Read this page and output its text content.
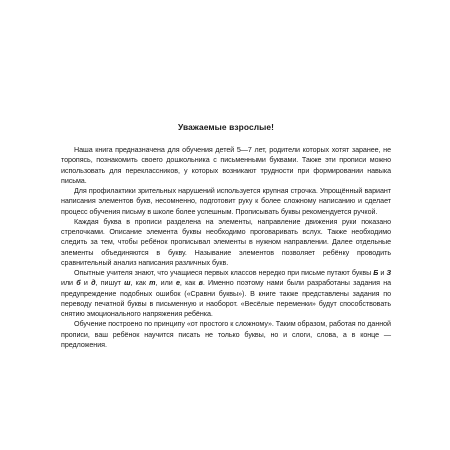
Уважаемые взрослые!

Наша книга предназначена для обучения детей 5—7 лет, родители которых хотят заранее, не торопясь, познакомить своего дошкольника с письменными буквами. Также эти прописи можно использовать для переклассников, у которых возникают трудности при формировании навыка письма.

Для профилактики зрительных нарушений используется крупная строчка. Упрощённый вариант написания элементов букв, несомненно, подготовит руку к более сложному написанию и сделает процесс обучения письму в школе более успешным. Прописывать буквы рекомендуется ручкой.

Каждая буква в прописи разделена на элементы, направление движения руки показано стрелочками. Описание элемента буквы необходимо проговаривать вслух. Также необходимо следить за тем, чтобы ребёнок прописывал элементы в нужном направлении. Далее отдельные элементы объединяются в букву. Называние элементов позволяет ребёнку проводить сравнительный анализ написания различных букв.

Опытные учителя знают, что учащиеся первых классов нередко при письме путают буквы Б и З или б и д, пишут ш, как т, или е, как в. Именно поэтому нами были разработаны задания на предупреждение подобных ошибок («Сравни буквы»). В книге также представлены задания по переводу печатной буквы в письменную и наоборот. «Весёлые переменки» будут способствовать снятию эмоционального напряжения ребёнка.

Обучение построено по принципу «от простого к сложному». Таким образом, работая по данной прописи, ваш ребёнок научится писать не только буквы, но и слоги, слова, а в конце — предложения.
